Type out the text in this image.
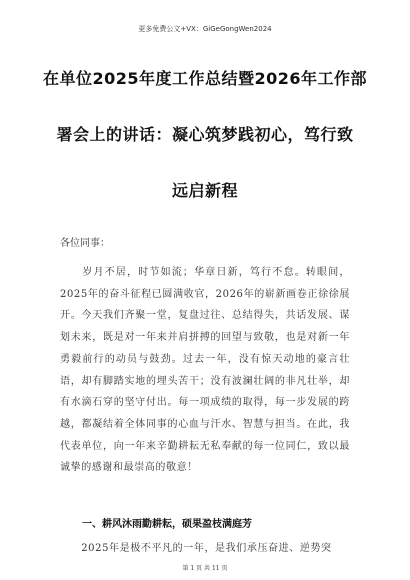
更多免费公文+VX：GiGeGongWen2024
在单位2025年度工作总结暨2026年工作部
署会上的讲话：凝心筑梦践初心，笃行致
远启新程
各位同事：
　　岁月不居，时节如流；华章日新，笃行不怠。转眼间，2025年的奋斗征程已圆满收官，2026年的崭新画卷正徐徐展开。今天我们齐聚一堂，复盘过往、总结得失，共话发展、谋划未来，既是对一年来并肩拼搏的回望与致敬，也是对新一年勇毅前行的动员与鼓劲。过去一年，没有惊天动地的豪言壮语，却有脚踏实地的埋头苦干；没有波澜壮阔的非凡壮举，却有水滴石穿的坚守付出。每一项成绩的取得，每一步发展的跨越，都凝结着全体同事的心血与汗水、智慧与担当。在此，我代表单位，向一年来辛勤耕耘无私奉献的每一位同仁，致以最诚挚的感谢和最崇高的敬意！
一、耕风沐雨勤耕耘，硕果盈枝满庭芳
　　2025年是极不平凡的一年，是我们承压奋进、逆势突
第 1 页 共 11 页
